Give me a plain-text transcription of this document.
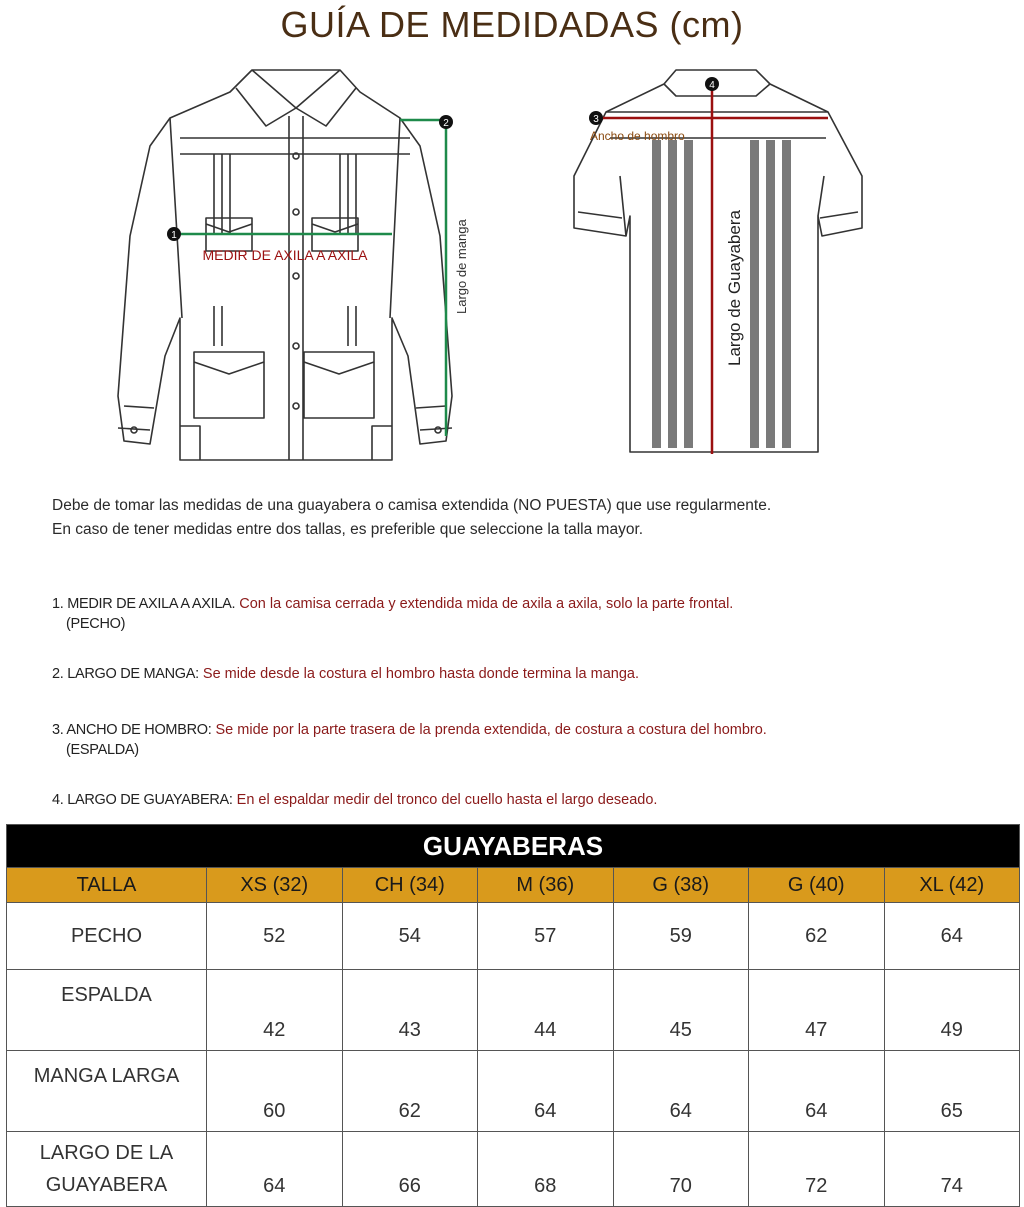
GUÍA DE MEDIDADAS (cm)
1
MEDIR DE AXILA A AXILA
2
Largo de manga
3
Ancho de hombro
4
Largo de Guayabera
Debe de tomar las medidas de una guayabera o camisa extendida (NO PUESTA) que use regularmente.
En caso de tener medidas entre dos tallas, es preferible que seleccione la talla mayor.
1. MEDIR DE AXILA A AXILA. Con la camisa cerrada y extendida mida de axila a axila, solo la parte frontal.
(PECHO)
2. LARGO DE MANGA: Se mide desde la costura el hombro hasta donde termina la manga.
3. ANCHO DE HOMBRO: Se mide por la parte trasera de la prenda extendida, de costura a costura del hombro.
(ESPALDA)
4. LARGO DE GUAYABERA: En el espaldar medir del tronco del cuello hasta el largo deseado.
GUAYABERAS						
TALLA	XS (32)	CH (34)	M (36)	G (38)	G (40)	XL (42)
PECHO	52	54	57	59	62	64
ESPALDA	42	43	44	45	47	49
MANGA LARGA	60	62	64	64	64	65

LARGO DE LA
GUAYABERA	64	66	68	70	72	74
